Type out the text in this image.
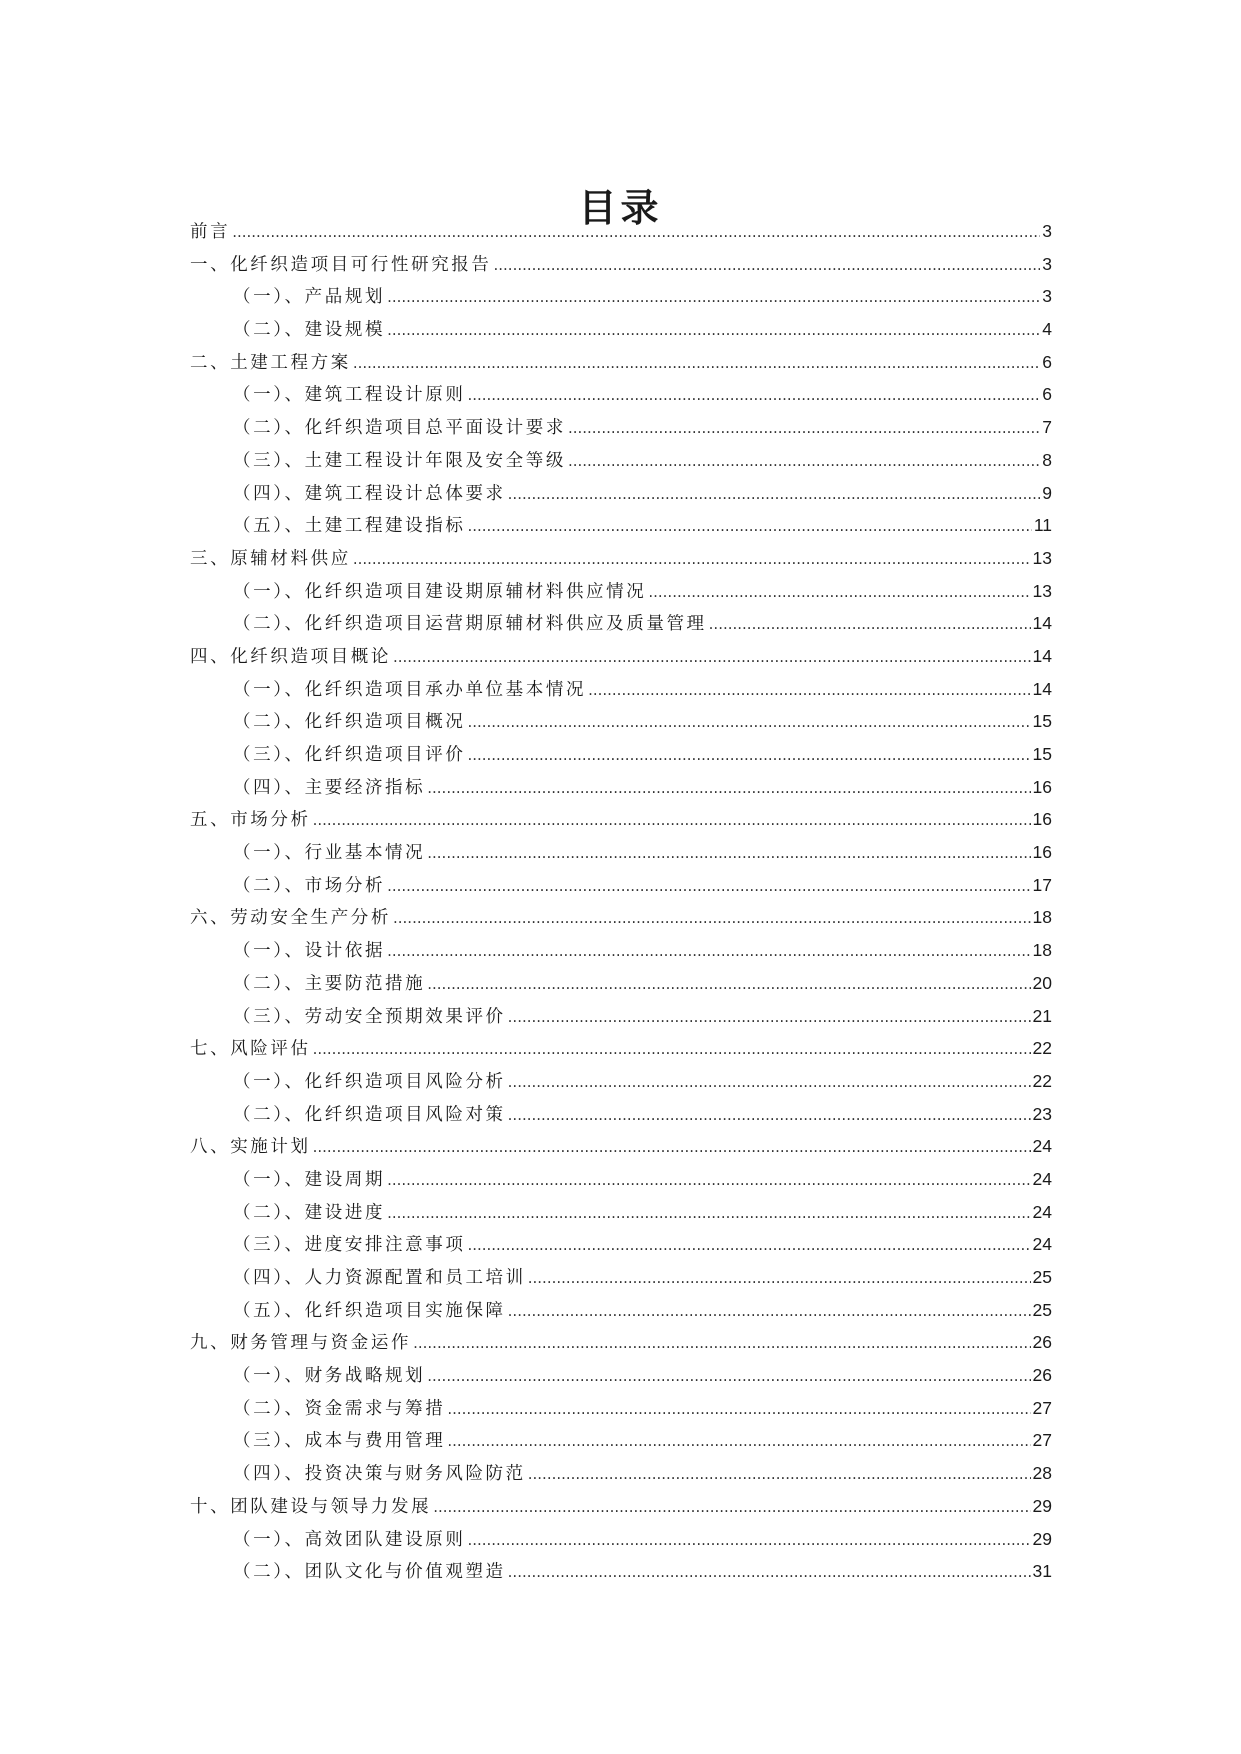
目录
前言 .....	3
一、化纤织造项目可行性研究报告 .....	3
（一）、产品规划 .....	3
（二）、建设规模 .....	4
二、土建工程方案 .....	6
（一）、建筑工程设计原则 .....	6
（二）、化纤织造项目总平面设计要求 .....	7
（三）、土建工程设计年限及安全等级 .....	8
（四）、建筑工程设计总体要求 .....	9
（五）、土建工程建设指标 .....	11
三、原辅材料供应 .....	13
（一）、化纤织造项目建设期原辅材料供应情况 .....	13
（二）、化纤织造项目运营期原辅材料供应及质量管理 .....	14
四、化纤织造项目概论 .....	14
（一）、化纤织造项目承办单位基本情况 .....	14
（二）、化纤织造项目概况 .....	15
（三）、化纤织造项目评价 .....	15
（四）、主要经济指标 .....	16
五、市场分析 .....	16
（一）、行业基本情况 .....	16
（二）、市场分析 .....	17
六、劳动安全生产分析 .....	18
（一）、设计依据 .....	18
（二）、主要防范措施 .....	20
（三）、劳动安全预期效果评价 .....	21
七、风险评估 .....	22
（一）、化纤织造项目风险分析 .....	22
（二）、化纤织造项目风险对策 .....	23
八、实施计划 .....	24
（一）、建设周期 .....	24
（二）、建设进度 .....	24
（三）、进度安排注意事项 .....	24
（四）、人力资源配置和员工培训 .....	25
（五）、化纤织造项目实施保障 .....	25
九、财务管理与资金运作 .....	26
（一）、财务战略规划 .....	26
（二）、资金需求与筹措 .....	27
（三）、成本与费用管理 .....	27
（四）、投资决策与财务风险防范 .....	28
十、团队建设与领导力发展 .....	29
（一）、高效团队建设原则 .....	29
（二）、团队文化与价值观塑造 .....	31
